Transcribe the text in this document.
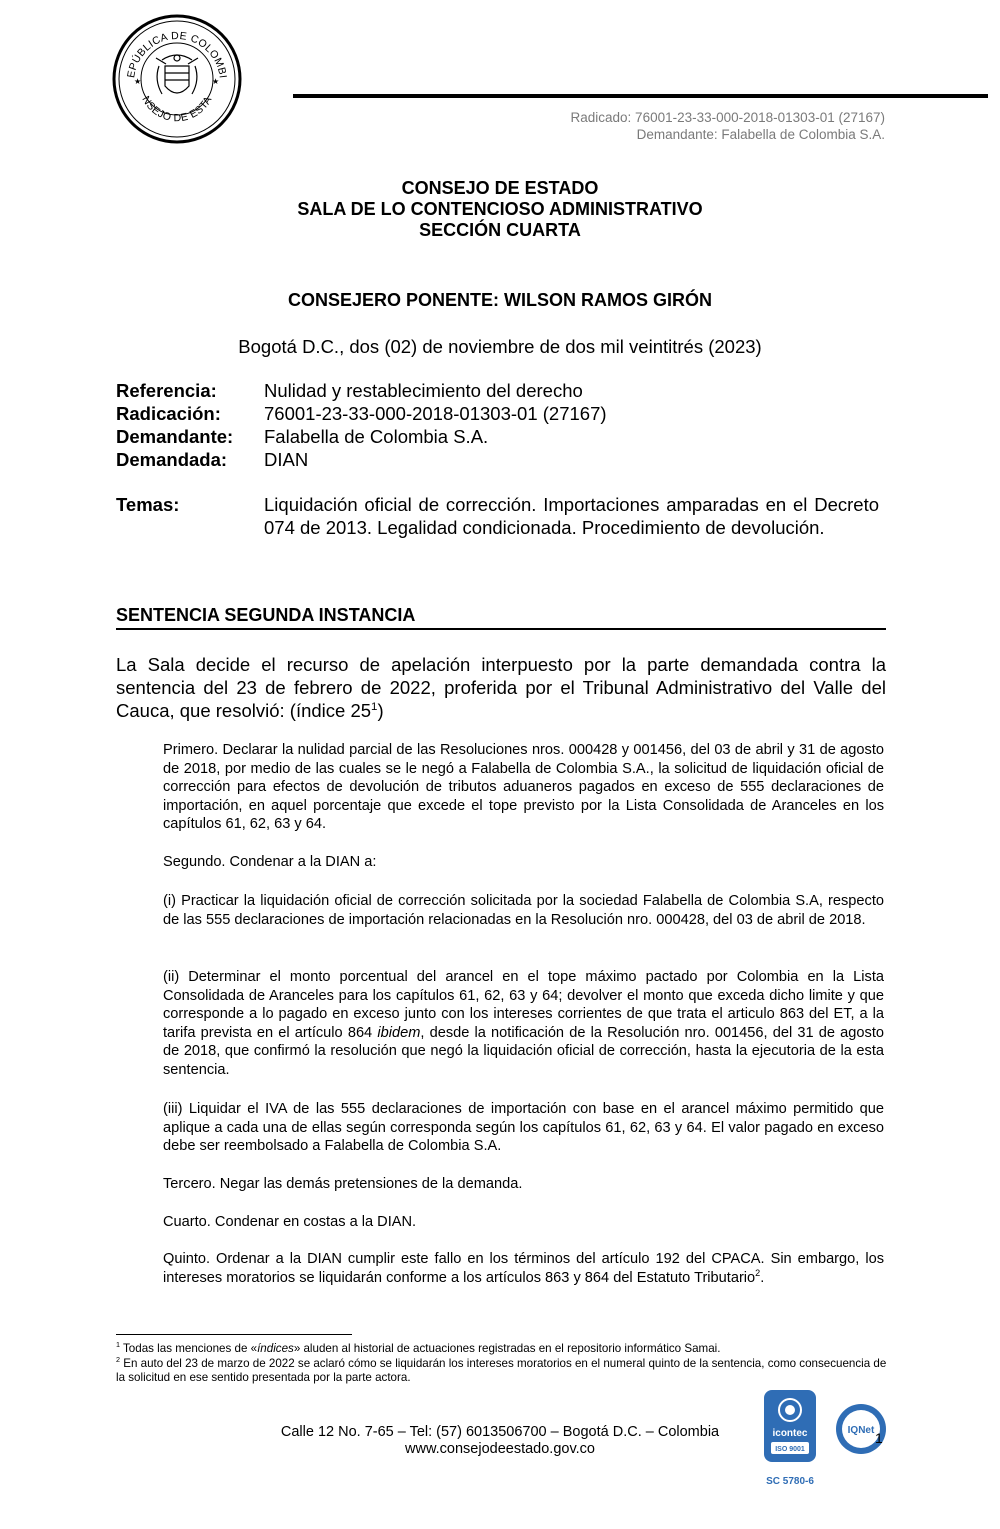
EPÚBLICA DE COLOMBI
NSEJO DE ESTA
★	★
Radicado: 76001-23-33-000-2018-01303-01 (27167)
Demandante: Falabella de Colombia S.A.
CONSEJO DE ESTADO
SALA DE LO CONTENCIOSO ADMINISTRATIVO
SECCIÓN CUARTA
CONSEJERO PONENTE: WILSON RAMOS GIRÓN
Bogotá D.C., dos (02) de noviembre de dos mil veintitrés (2023)
Referencia:	Nulidad y restablecimiento del derecho
Radicación:	76001-23-33-000-2018-01303-01 (27167)
Demandante:	Falabella de Colombia S.A.
Demandada:	DIAN
Temas:	Liquidación oficial de corrección. Importaciones amparadas en el Decreto 074 de 2013. Legalidad condicionada. Procedimiento de devolución.
SENTENCIA SEGUNDA INSTANCIA
La Sala decide el recurso de apelación interpuesto por la parte demandada contra la sentencia del 23 de febrero de 2022, proferida por el Tribunal Administrativo del Valle del Cauca, que resolvió: (índice $25^1$)
Primero. Declarar la nulidad parcial de las Resoluciones nros. 000428 y 001456, del 03 de abril y 31 de agosto de 2018, por medio de las cuales se le negó a Falabella de Colombia S.A., la solicitud de liquidación oficial de corrección para efectos de devolución de tributos aduaneros pagados en exceso de 555 declaraciones de importación, en aquel porcentaje que excede el tope previsto por la Lista Consolidada de Aranceles en los capítulos 61, 62, 63 y 64.
Segundo. Condenar a la DIAN a:
(i) Practicar la liquidación oficial de corrección solicitada por la sociedad Falabella de Colombia S.A, respecto de las 555 declaraciones de importación relacionadas en la Resolución nro. 000428, del 03 de abril de 2018.
(ii) Determinar el monto porcentual del arancel en el tope máximo pactado por Colombia en la Lista Consolidada de Aranceles para los capítulos 61, 62, 63 y 64; devolver el monto que exceda dicho limite y que corresponde a lo pagado en exceso junto con los intereses corrientes de que trata el articulo 863 del ET, a la tarifa prevista en el artículo 864 ibidem, desde la notificación de la Resolución nro. 001456, del 31 de agosto de 2018, que confirmó la resolución que negó la liquidación oficial de corrección, hasta la ejecutoria de la esta sentencia.
(iii) Liquidar el IVA de las 555 declaraciones de importación con base en el arancel máximo permitido que aplique a cada una de ellas según corresponda según los capítulos 61, 62, 63 y 64. El valor pagado en exceso debe ser reembolsado a Falabella de Colombia S.A.
Tercero. Negar las demás pretensiones de la demanda.
Cuarto. Condenar en costas a la DIAN.
Quinto. Ordenar a la DIAN cumplir este fallo en los términos del artículo 192 del CPACA. Sin embargo, los intereses moratorios se liquidarán conforme a los artículos 863 y 864 del Estatuto Tributario$^2$.
$^1$ Todas las menciones de «índices» aluden al historial de actuaciones registradas en el repositorio informático Samai.
$^2$ En auto del 23 de marzo de 2022 se aclaró cómo se liquidarán los intereses moratorios en el numeral quinto de la sentencia, como consecuencia de la solicitud en ese sentido presentada por la parte actora.
Calle 12 No. 7-65 – Tel: (57) 6013506700 – Bogotá D.C. – Colombia
www.consejodeestado.gov.co
icontec
ISO 9001
SC 5780-6
IQNet 1
